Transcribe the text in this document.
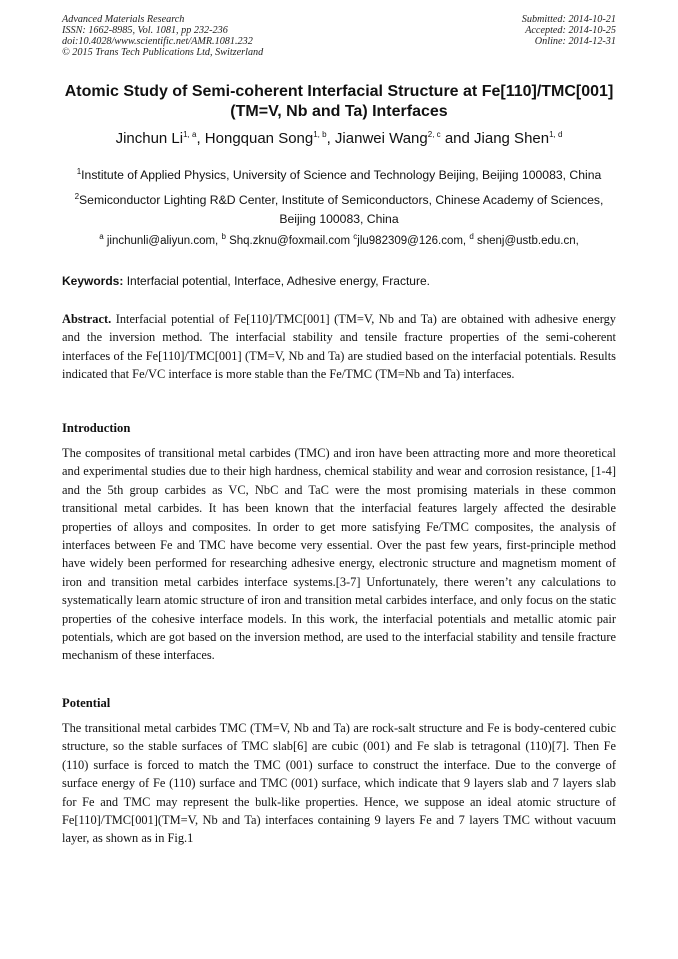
Advanced Materials Research
ISSN: 1662-8985, Vol. 1081, pp 232-236
doi:10.4028/www.scientific.net/AMR.1081.232
© 2015 Trans Tech Publications Ltd, Switzerland
Submitted: 2014-10-21
Accepted: 2014-10-25
Online: 2014-12-31
Atomic Study of Semi-coherent Interfacial Structure at Fe[110]/TMC[001]
(TM=V, Nb and Ta) Interfaces
Jinchun Li$^{1, a}$, Hongquan Song$^{1, b}$, Jianwei Wang$^{2, c}$ and Jiang Shen$^{1, d}$
$^1$Institute of Applied Physics, University of Science and Technology Beijing, Beijing 100083, China
$^2$Semiconductor Lighting R&D Center, Institute of Semiconductors, Chinese Academy of Sciences, Beijing 100083, China
$^a$ jinchunli@aliyun.com, $^b$ Shq.zknu@foxmail.com $^c$jlu982309@126.com, $^d$ shenj@ustb.edu.cn,
Keywords: Interfacial potential, Interface, Adhesive energy, Fracture.
Abstract. Interfacial potential of Fe[110]/TMC[001] (TM=V, Nb and Ta) are obtained with adhesive energy and the inversion method. The interfacial stability and tensile fracture properties of the semi-coherent interfaces of the Fe[110]/TMC[001] (TM=V, Nb and Ta) are studied based on the interfacial potentials. Results indicated that Fe/VC interface is more stable than the Fe/TMC (TM=Nb and Ta) interfaces.
Introduction
The composites of transitional metal carbides (TMC) and iron have been attracting more and more theoretical and experimental studies due to their high hardness, chemical stability and wear and corrosion resistance, [1-4] and the 5th group carbides as VC, NbC and TaC were the most promising materials in these common transitional metal carbides. It has been known that the interfacial features largely affected the desirable properties of alloys and composites. In order to get more satisfying Fe/TMC composites, the analysis of interfaces between Fe and TMC have become very essential. Over the past few years, first-principle method have widely been performed for researching adhesive energy, electronic structure and magnetism moment of iron and transition metal carbides interface systems.[3-7] Unfortunately, there weren’t any calculations to systematically learn atomic structure of iron and transition metal carbides interface, and only focus on the static properties of the cohesive interface models. In this work, the interfacial potentials and metallic atomic pair potentials, which are got based on the inversion method, are used to the interfacial stability and tensile fracture mechanism of these interfaces.
Potential
The transitional metal carbides TMC (TM=V, Nb and Ta) are rock-salt structure and Fe is body-centered cubic structure, so the stable surfaces of TMC slab[6] are cubic (001) and Fe slab is tetragonal (110)[7]. Then Fe (110) surface is forced to match the TMC (001) surface to construct the interface. Due to the converge of surface energy of Fe (110) surface and TMC (001) surface, which indicate that 9 layers slab and 7 layers slab for Fe and TMC may represent the bulk-like properties. Hence, we suppose an ideal atomic structure of Fe[110]/TMC[001](TM=V, Nb and Ta) interfaces containing 9 layers Fe and 7 layers TMC without vacuum layer, as shown as in Fig.1
